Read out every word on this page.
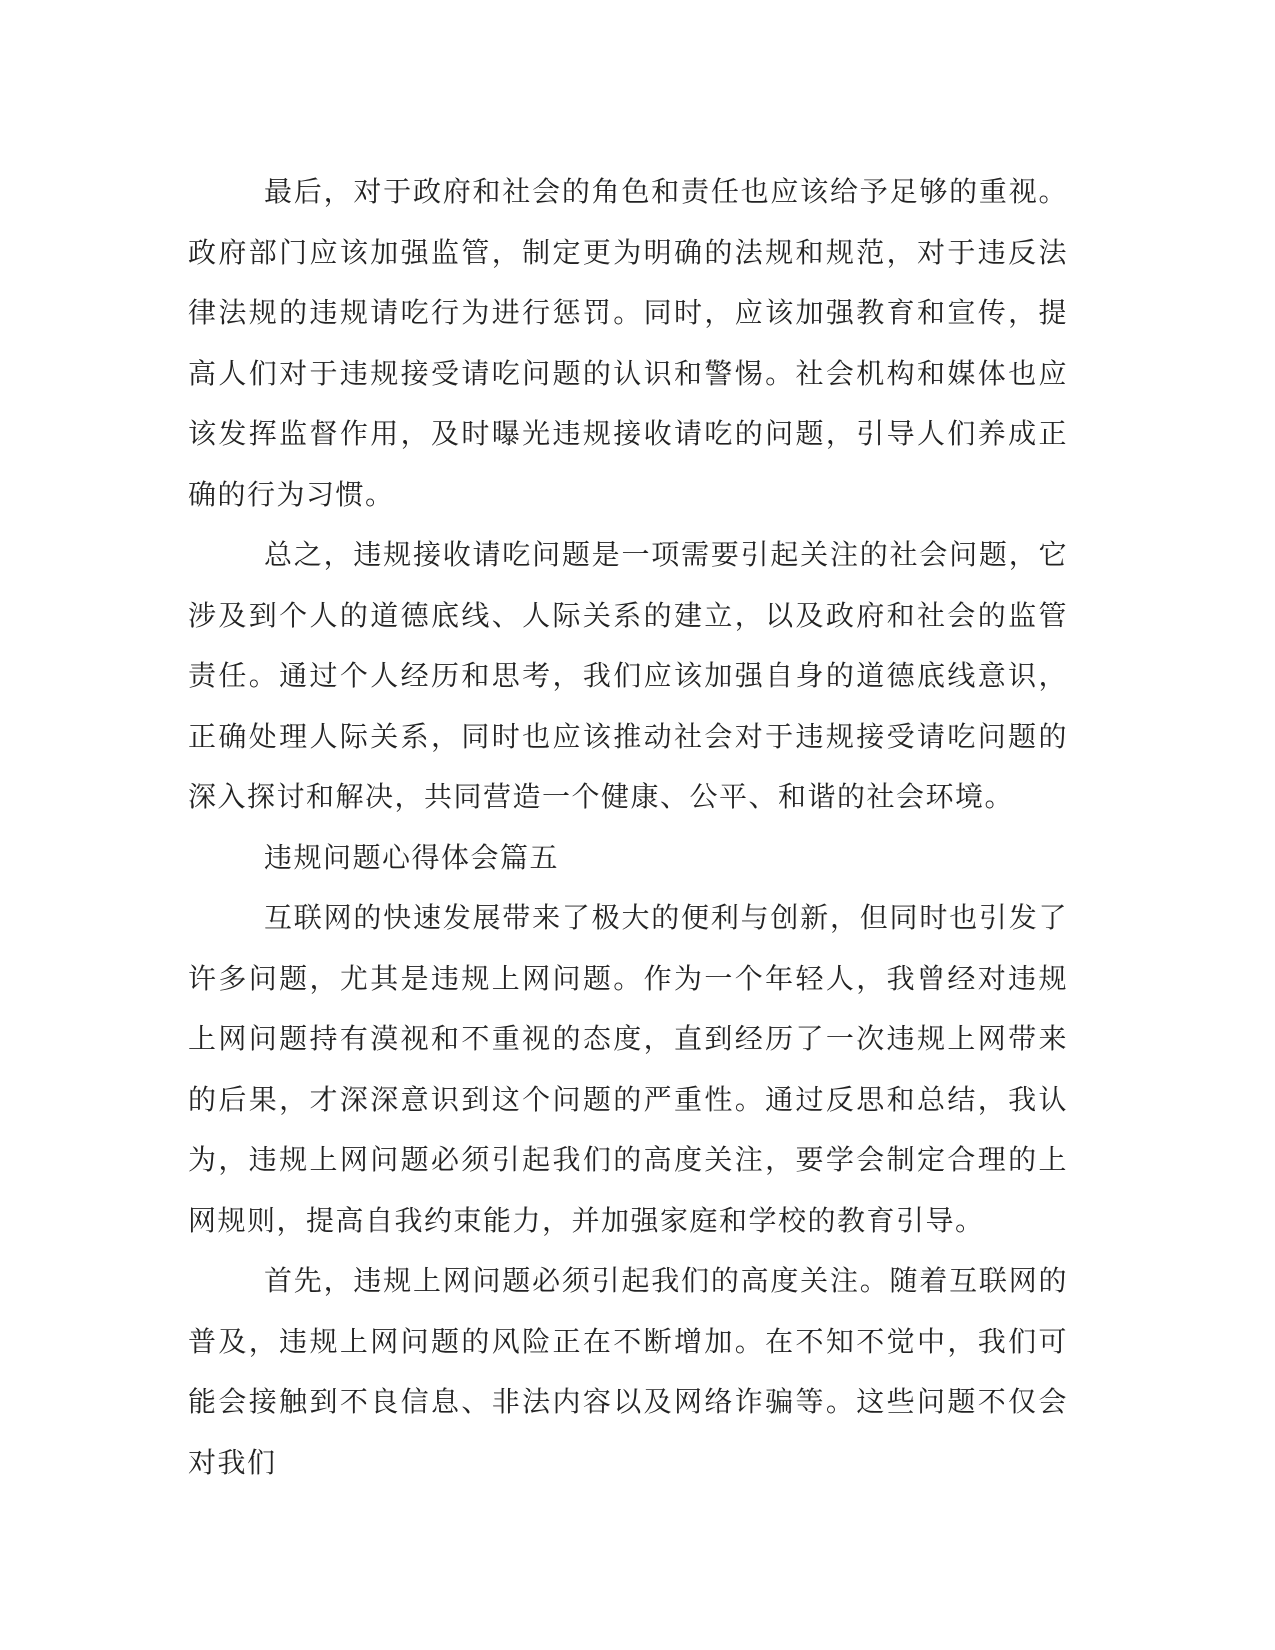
最后，对于政府和社会的角色和责任也应该给予足够的重视。政府部门应该加强监管，制定更为明确的法规和规范，对于违反法律法规的违规请吃行为进行惩罚。同时，应该加强教育和宣传，提高人们对于违规接受请吃问题的认识和警惕。社会机构和媒体也应该发挥监督作用，及时曝光违规接收请吃的问题，引导人们养成正确的行为习惯。

总之，违规接收请吃问题是一项需要引起关注的社会问题，它涉及到个人的道德底线、人际关系的建立，以及政府和社会的监管责任。通过个人经历和思考，我们应该加强自身的道德底线意识，正确处理人际关系，同时也应该推动社会对于违规接受请吃问题的深入探讨和解决，共同营造一个健康、公平、和谐的社会环境。

违规问题心得体会篇五

互联网的快速发展带来了极大的便利与创新，但同时也引发了许多问题，尤其是违规上网问题。作为一个年轻人，我曾经对违规上网问题持有漠视和不重视的态度，直到经历了一次违规上网带来的后果，才深深意识到这个问题的严重性。通过反思和总结，我认为，违规上网问题必须引起我们的高度关注，要学会制定合理的上网规则，提高自我约束能力，并加强家庭和学校的教育引导。

首先，违规上网问题必须引起我们的高度关注。随着互联网的普及，违规上网问题的风险正在不断增加。在不知不觉中，我们可能会接触到不良信息、非法内容以及网络诈骗等。这些问题不仅会对我们
